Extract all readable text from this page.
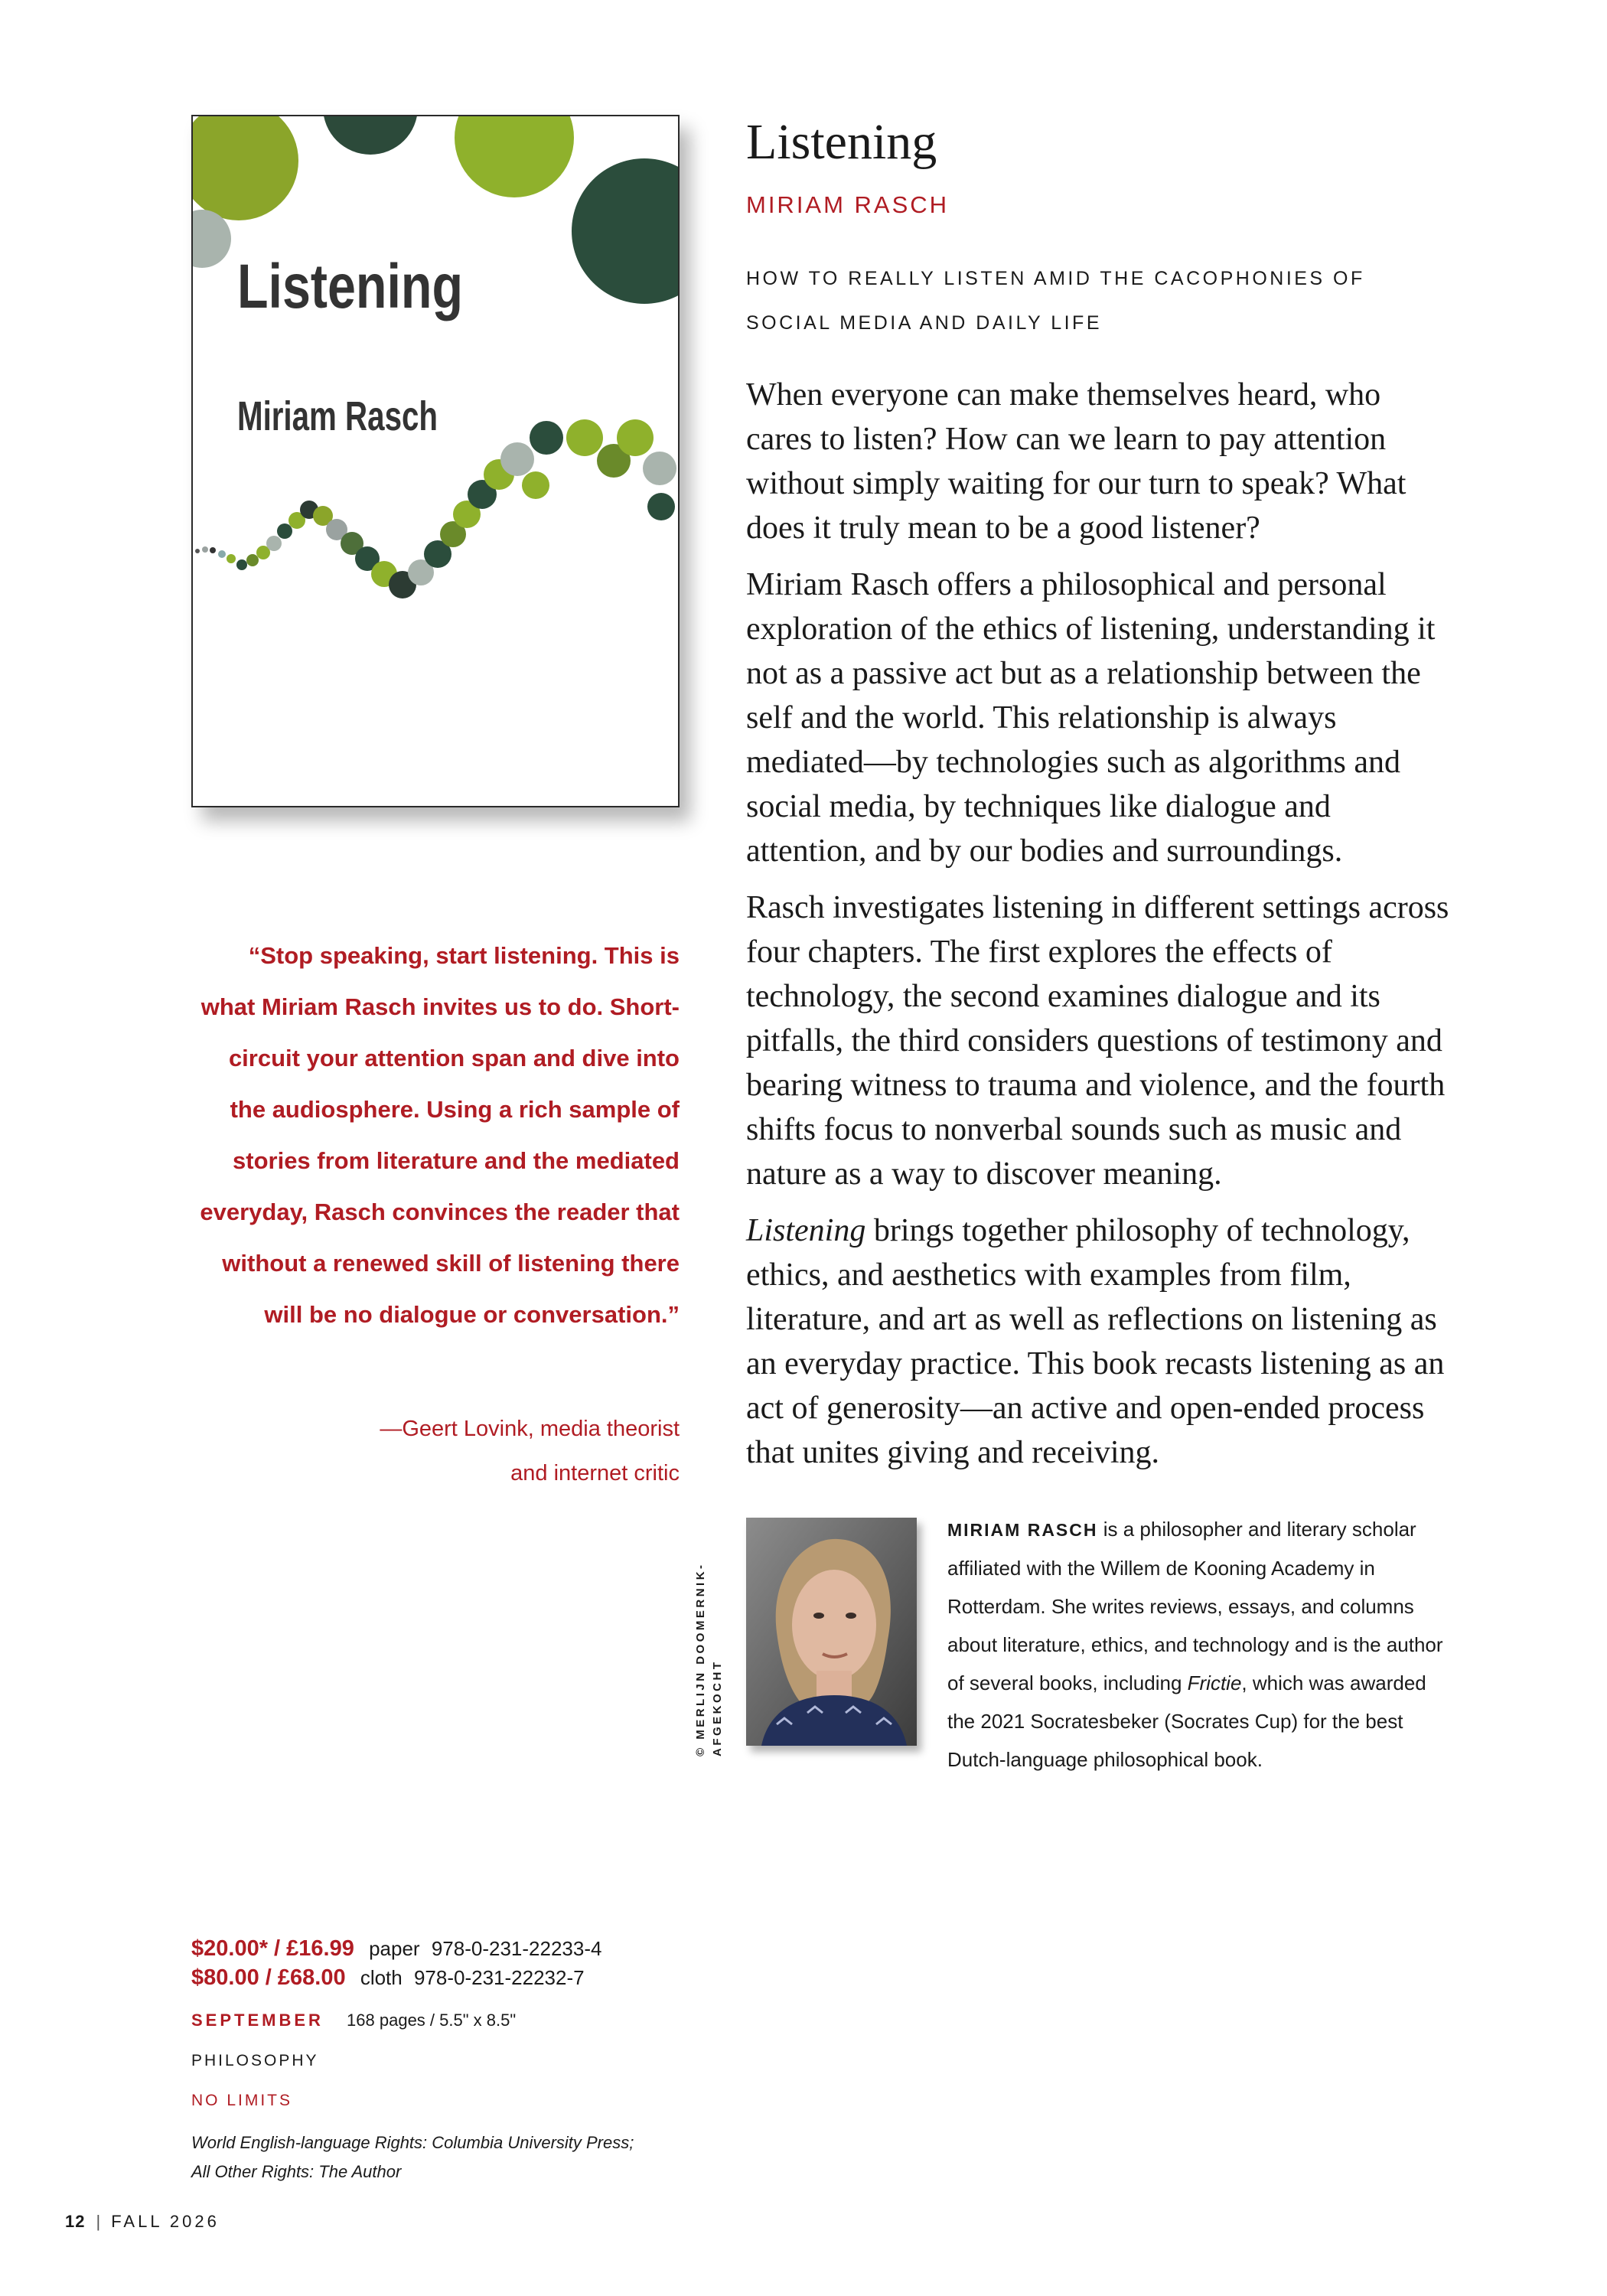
Listening
Miriam Rasch
Listening
MIRIAM RASCH
HOW TO REALLY LISTEN AMID THE CACOPHONIES OF SOCIAL MEDIA AND DAILY LIFE

When everyone can make themselves heard, who cares to listen? How can we learn to pay attention without simply waiting for our turn to speak? What does it truly mean to be a good listener?

Miriam Rasch offers a philosophical and personal exploration of the ethics of listening, understanding it not as a passive act but as a relationship between the self and the world. This relationship is always mediated—by technologies such as algorithms and social media, by techniques like dialogue and attention, and by our bodies and surroundings.

Rasch investigates listening in different settings across four chapters. The first explores the effects of technology, the second examines dialogue and its pitfalls, the third considers questions of testimony and bearing witness to trauma and violence, and the fourth shifts focus to nonverbal sounds such as music and nature as a way to discover meaning.

Listening brings together philosophy of technology, ethics, and aesthetics with examples from film, literature, and art as well as reflections on listening as an everyday practice. This book recasts listening as an act of generosity—an active and open-ended process that unites giving and receiving.

“Stop speaking, start listening. This is what Miriam Rasch invites us to do. Short-circuit your attention span and dive into the audiosphere. Using a rich sample of stories from literature and the mediated everyday, Rasch convinces the reader that without a renewed skill of listening there will be no dialogue or conversation.”
—Geert Lovink, media theorist
and internet critic
© MERLIJN DOOMERNIK-AFGEKOCHT
MIRIAM RASCH is a philosopher and literary scholar affiliated with the Willem de Kooning Academy in Rotterdam. She writes reviews, essays, and columns about literature, ethics, and technology and is the author of several books, including Frictie, which was awarded the 2021 Socratesbeker (Socrates Cup) for the best Dutch-language philosophical book.
$20.00* / £16.99 paper 978-0-231-22233-4
$80.00 / £68.00 cloth 978-0-231-22232-7
SEPTEMBER 168 pages / 5.5" x 8.5"
PHILOSOPHY
NO LIMITS
World English-language Rights: Columbia University Press;
All Other Rights: The Author
12 | FALL 2026
